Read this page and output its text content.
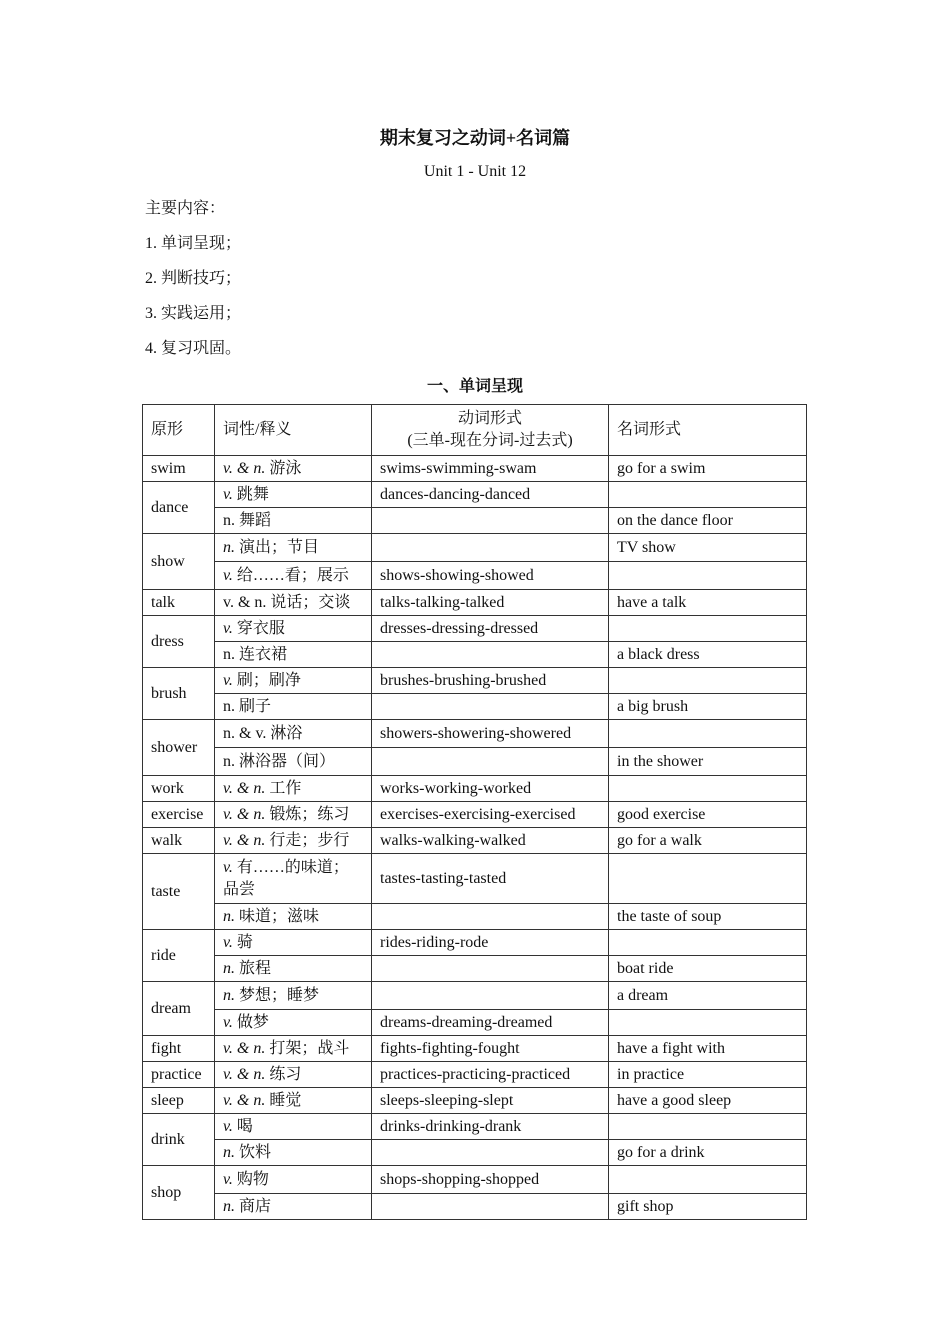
期末复习之动词+名词篇
Unit 1 - Unit 12
主要内容：
1. 单词呈现；
2. 判断技巧；
3. 实践运用；
4. 复习巩固。
一、单词呈现
原形	词性/释义	动词形式
(三单-现在分词-过去式)	名词形式
swim	v. & n. 游泳	swims-swimming-swam	go for a swim
dance	v. 跳舞	dances-dancing-danced	
	n. 舞蹈		on the dance floor
show	n. 演出；节目		TV show
	v. 给……看；展示	shows-showing-showed	
talk	v. & n. 说话；交谈	talks-talking-talked	have a talk
dress	v. 穿衣服	dresses-dressing-dressed	
	n. 连衣裙		a black dress
brush	v. 刷；刷净	brushes-brushing-brushed	
	n. 刷子		a big brush
shower	n. & v. 淋浴	showers-showering-showered	
	n. 淋浴器（间）		in the shower
work	v. & n. 工作	works-working-worked	
exercise	v. & n. 锻炼；练习	exercises-exercising-exercised	good exercise
walk	v. & n. 行走；步行	walks-walking-walked	go for a walk
taste	v. 有……的味道；
品尝	tastes-tasting-tasted	
	n. 味道；滋味		the taste of soup
ride	v. 骑	rides-riding-rode	
	n. 旅程		boat ride
dream	n. 梦想；睡梦		a dream
	v. 做梦	dreams-dreaming-dreamed	
fight	v. & n. 打架；战斗	fights-fighting-fought	have a fight with
practice	v. & n. 练习	practices-practicing-practiced	in practice
sleep	v. & n. 睡觉	sleeps-sleeping-slept	have a good sleep
drink	v. 喝	drinks-drinking-drank	
	n. 饮料		go for a drink
shop	v. 购物	shops-shopping-shopped	
	n. 商店		gift shop
